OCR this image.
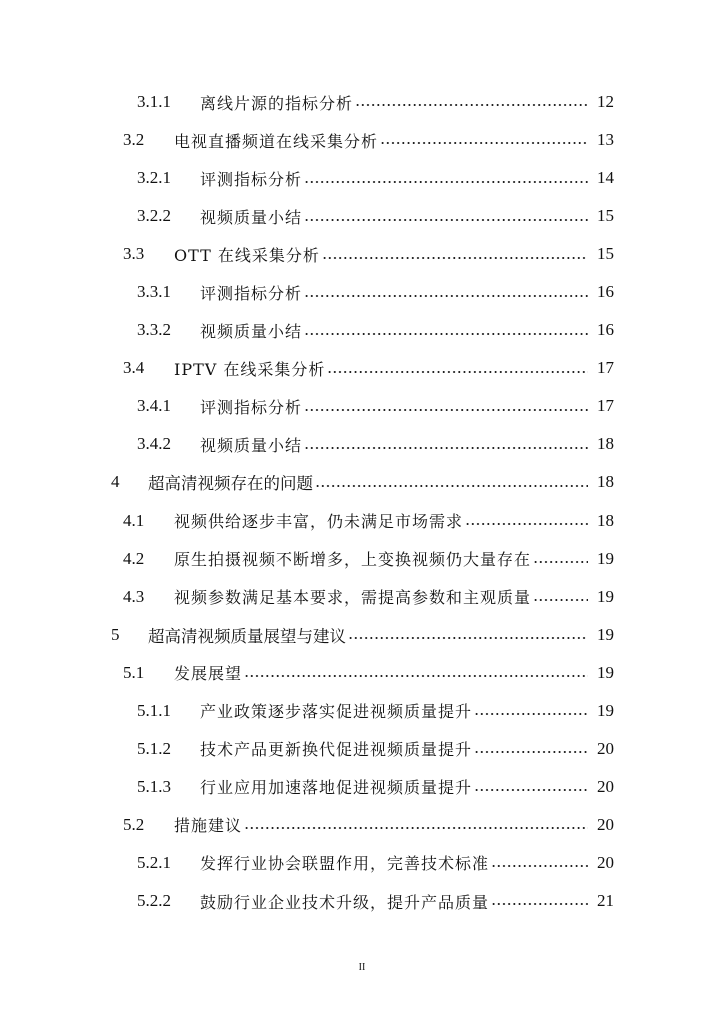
3.1.1 离线片源的指标分析	12
3.2 电视直播频道在线采集分析	13
3.2.1 评测指标分析	14
3.2.2 视频质量小结	15
3.3 OTT 在线采集分析	15
3.3.1 评测指标分析	16
3.3.2 视频质量小结	16
3.4 IPTV 在线采集分析	17
3.4.1 评测指标分析	17
3.4.2 视频质量小结	18
4 超高清视频存在的问题	18
4.1 视频供给逐步丰富，仍未满足市场需求	18
4.2 原生拍摄视频不断增多，上变换视频仍大量存在	19
4.3 视频参数满足基本要求，需提高参数和主观质量	19
5 超高清视频质量展望与建议	19
5.1 发展展望	19
5.1.1 产业政策逐步落实促进视频质量提升	19
5.1.2 技术产品更新换代促进视频质量提升	20
5.1.3 行业应用加速落地促进视频质量提升	20
5.2 措施建议	20
5.2.1 发挥行业协会联盟作用，完善技术标准	20
5.2.2 鼓励行业企业技术升级，提升产品质量	21
II
